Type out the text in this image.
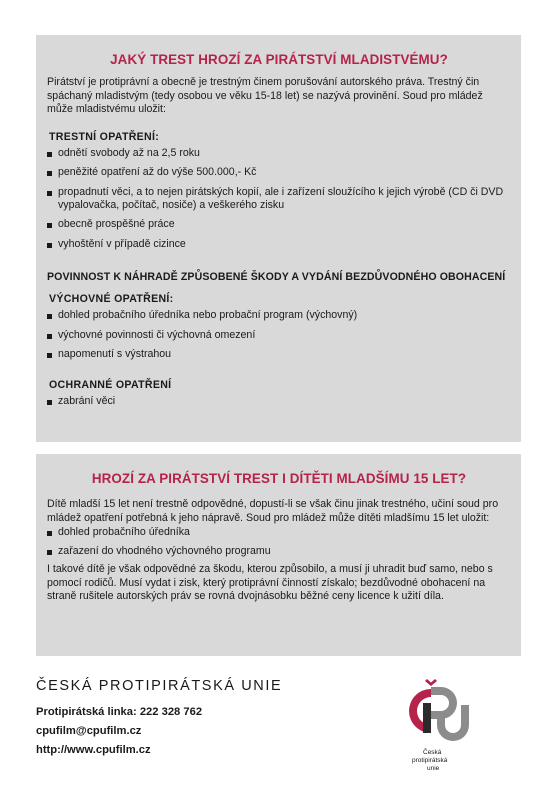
JAKÝ TREST HROZÍ ZA PIRÁTSTVÍ MLADISTVÉMU?

Pirátství je protiprávní a obecně je trestným činem porušování autorského práva. Trestný čin spáchaný mladistvým (tedy osobou ve věku 15-18 let) se nazývá provinění. Soud pro mládež může mladistvému uložit:

TRESTNÍ OPATŘENÍ:
odnětí svobody až na 2,5 roku
peněžité opatření až do výše 500.000,- Kč
propadnutí věci, a to nejen pirátských kopií, ale i zařízení sloužícího k jejich výrobě (CD či DVD vypalovačka, počítač, nosiče) a veškerého zisku
obecně prospěšné práce
vyhoštění v případě cizince
POVINNOST K NÁHRADĚ ZPŮSOBENÉ ŠKODY A VYDÁNÍ BEZDŮVODNÉHO OBOHACENÍ
VÝCHOVNÉ OPATŘENÍ:
dohled probačního úředníka nebo probační program (výchovný)
výchovné povinnosti či výchovná omezení
napomenutí s výstrahou
OCHRANNÉ OPATŘENÍ
zabrání věci
HROZÍ ZA PIRÁTSTVÍ TREST I DÍTĚTI MLADŠÍMU 15 LET?

Dítě mladší 15 let není trestně odpovědné, dopustí-li se však činu jinak trestného, učiní soud pro mládež opatření potřebná k jeho nápravě. Soud pro mládež může dítěti mladšímu 15 let uložit:

dohled probačního úředníka
zařazení do vhodného výchovného programu

I takové dítě je však odpovědné za škodu, kterou způsobilo, a musí ji uhradit buď samo, nebo s pomocí rodičů. Musí vydat i zisk, který protiprávní činností získalo; bezdůvodné obohacení na straně rušitele autorských práv se rovná dvojnásobku běžné ceny licence k užití díla.

ČESKÁ PROTIPIRÁTSKÁ UNIE
Protipirátská linka: 222 328 762
cpufilm@cpufilm.cz
http://www.cpufilm.cz	Česká
protipirátská
unie
